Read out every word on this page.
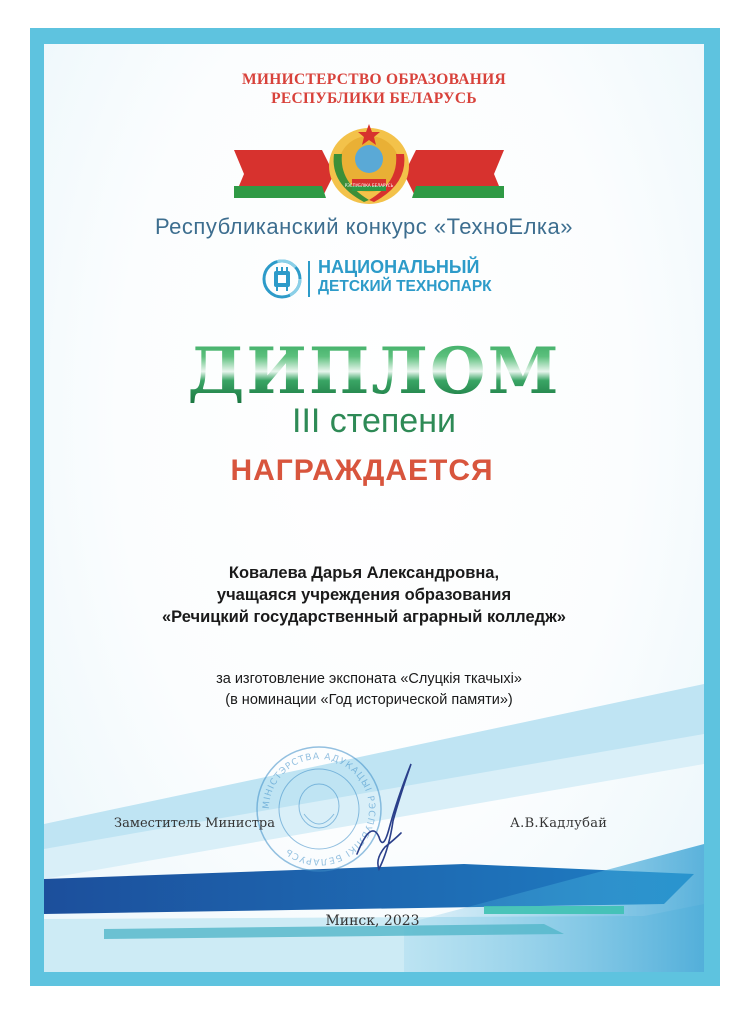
МИНИСТЕРСТВО ОБРАЗОВАНИЯ
РЕСПУБЛИКИ БЕЛАРУСЬ
РЭСПУБЛІКА БЕЛАРУСЬ
Республиканский конкурс «ТехноЕлка»
НАЦИОНАЛЬНЫЙ
ДЕТСКИЙ ТЕХНОПАРК
ДИПЛОМ
III степени
НАГРАЖДАЕТСЯ
Ковалева Дарья Александровна,
учащаяся учреждения образования
«Речицкий государственный аграрный колледж»
за изготовление экспоната «Слуцкія ткачыхі»
(в номинации «Год исторической памяти»)
МІНІСТЭРСТВА АДУКАЦЫІ РЭСПУБЛІКІ БЕЛАРУСЬ
Заместитель Министра	А.В.Кадлубай
Минск, 2023
